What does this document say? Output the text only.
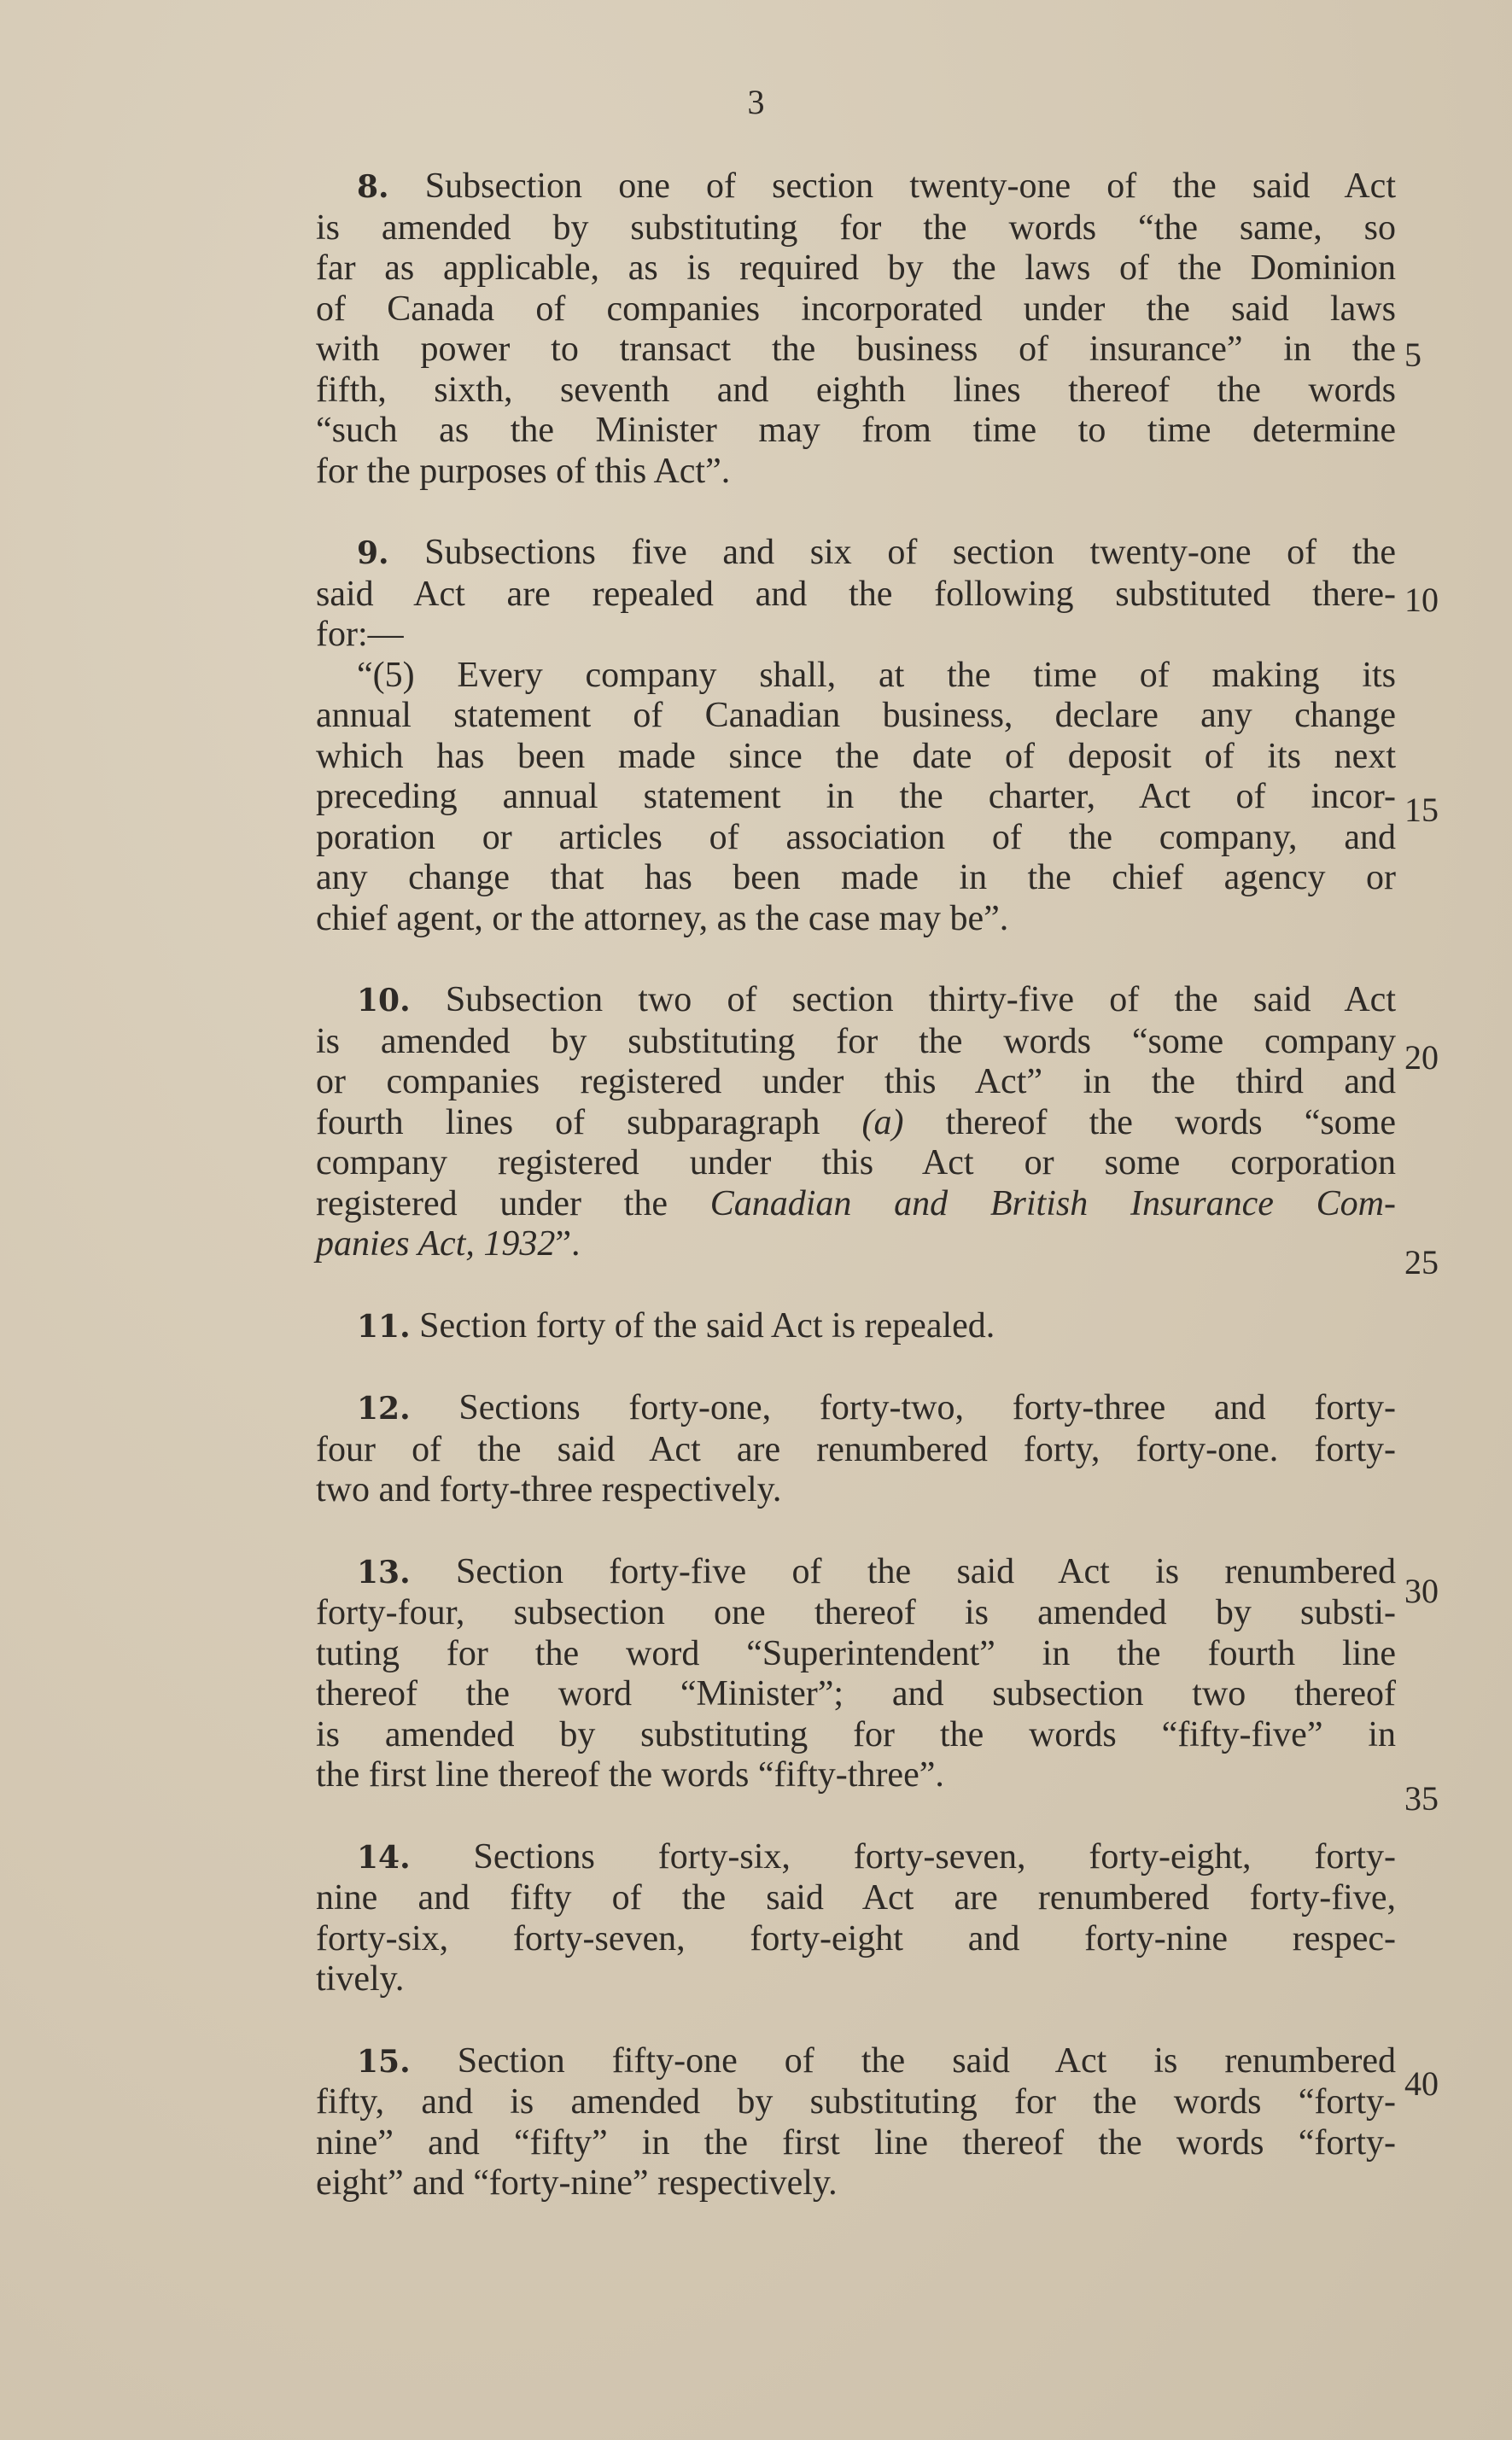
3
8. Subsection one of section twenty-one of the said Act
is amended by substituting for the words “the same, so
far as applicable, as is required by the laws of the Dominion
of Canada of companies incorporated under the said laws
with power to transact the business of insurance” in the
fifth, sixth, seventh and eighth lines thereof the words
“such as the Minister may from time to time determine
for the purposes of this Act”.
9. Subsections five and six of section twenty-one of the
said Act are repealed and the following substituted there-
for:—
“(5) Every company shall, at the time of making its
annual statement of Canadian business, declare any change
which has been made since the date of deposit of its next
preceding annual statement in the charter, Act of incor-
poration or articles of association of the company, and
any change that has been made in the chief agency or
chief agent, or the attorney, as the case may be”.
10. Subsection two of section thirty-five of the said Act
is amended by substituting for the words “some company
or companies registered under this Act” in the third and
fourth lines of subparagraph (a) thereof the words “some
company registered under this Act or some corporation
registered under the Canadian and British Insurance Com-
panies Act, 1932”.
11. Section forty of the said Act is repealed.
12. Sections forty-one, forty-two, forty-three and forty-
four of the said Act are renumbered forty, forty-one. forty-
two and forty-three respectively.
13. Section forty-five of the said Act is renumbered
forty-four, subsection one thereof is amended by substi-
tuting for the word “Superintendent” in the fourth line
thereof the word “Minister”; and subsection two thereof
is amended by substituting for the words “fifty-five” in
the first line thereof the words “fifty-three”.
14. Sections forty-six, forty-seven, forty-eight, forty-
nine and fifty of the said Act are renumbered forty-five,
forty-six, forty-seven, forty-eight and forty-nine respec-
tively.
15. Section fifty-one of the said Act is renumbered
fifty, and is amended by substituting for the words “forty-
nine” and “fifty” in the first line thereof the words “forty-
eight” and “forty-nine” respectively.
5
10
15
20
25
30
35
40
